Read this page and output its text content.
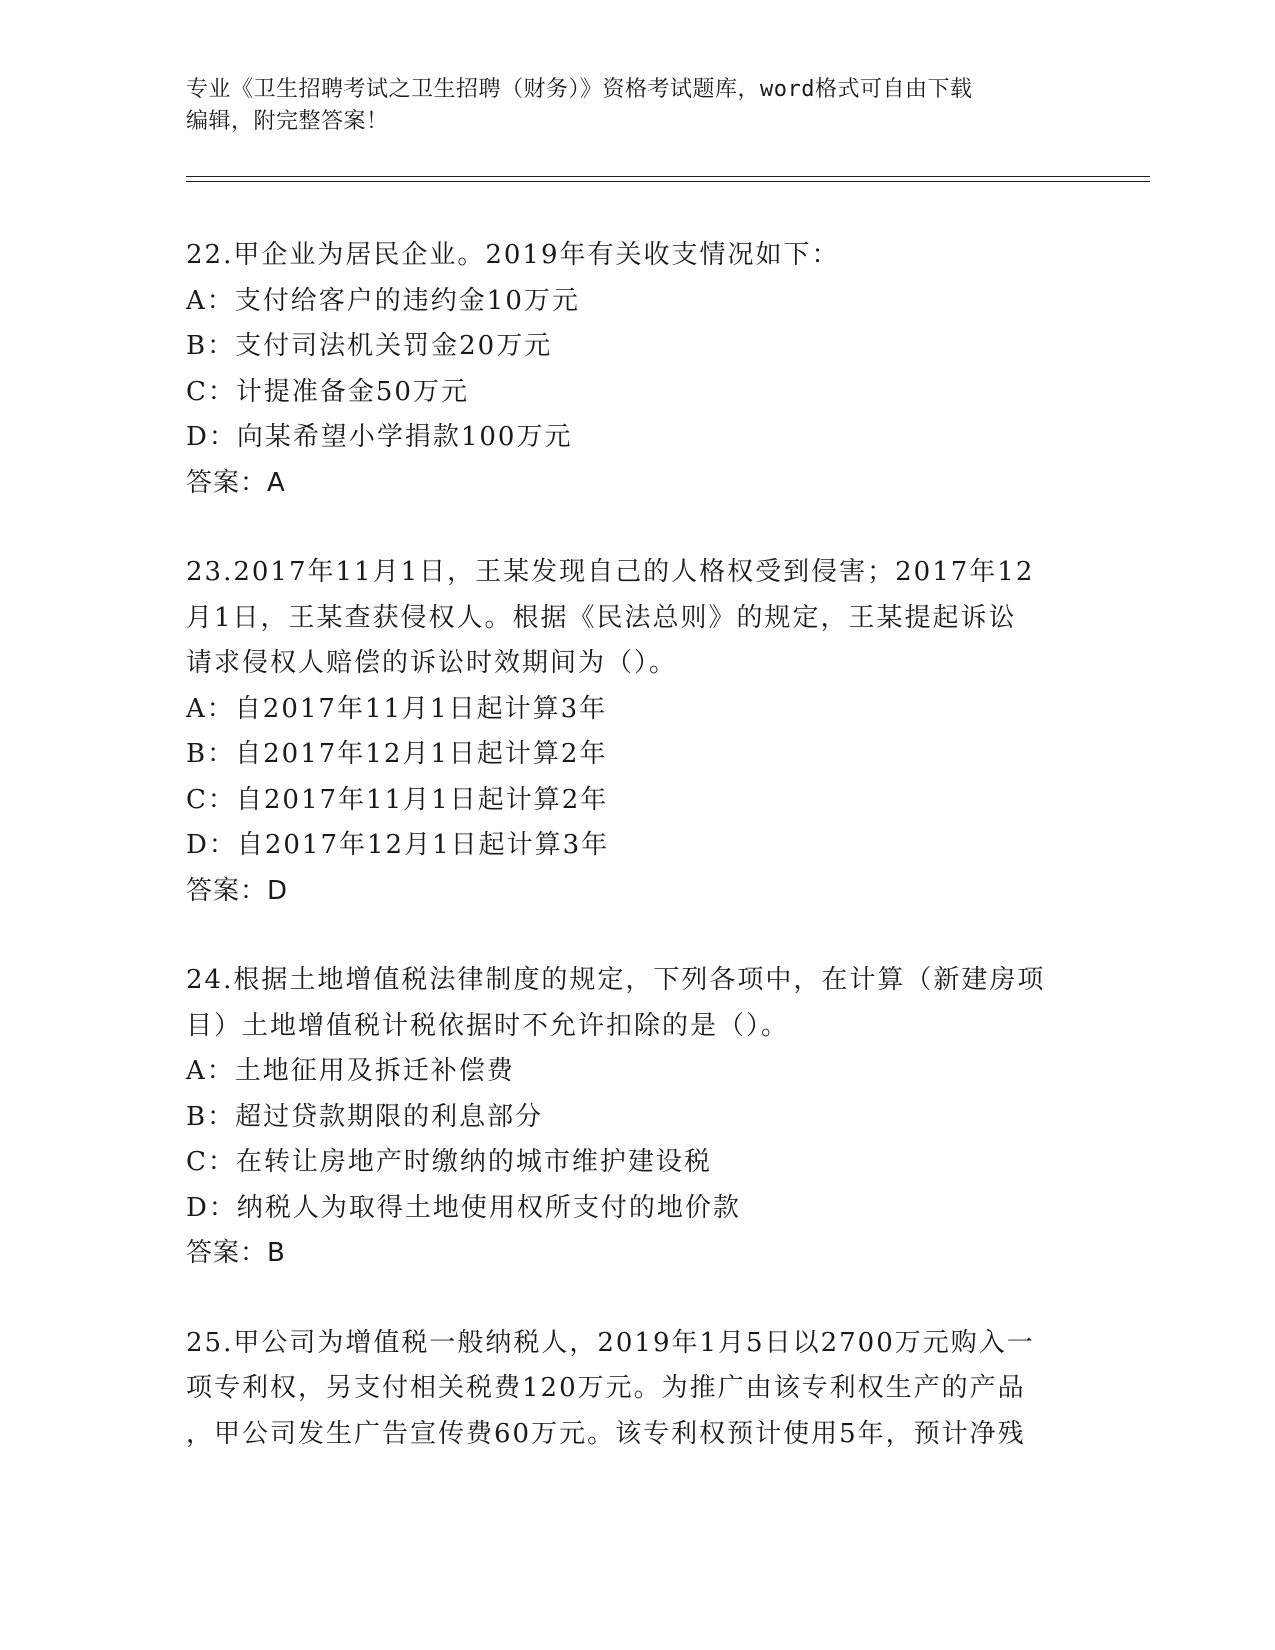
专业《卫生招聘考试之卫生招聘（财务）》资格考试题库，word格式可自由下载
编辑，附完整答案！
22.甲企业为居民企业。2019年有关收支情况如下：
A：支付给客户的违约金10万元
B：支付司法机关罚金20万元
C：计提准备金50万元
D：向某希望小学捐款100万元
答案：A
23.2017年11月1日，王某发现自己的人格权受到侵害；2017年12
月1日，王某查获侵权人。根据《民法总则》的规定，王某提起诉讼
请求侵权人赔偿的诉讼时效期间为（）。
A：自2017年11月1日起计算3年
B：自2017年12月1日起计算2年
C：自2017年11月1日起计算2年
D：自2017年12月1日起计算3年
答案：D
24.根据土地增值税法律制度的规定，下列各项中，在计算（新建房项
目）土地增值税计税依据时不允许扣除的是（）。
A：土地征用及拆迁补偿费
B：超过贷款期限的利息部分
C：在转让房地产时缴纳的城市维护建设税
D：纳税人为取得土地使用权所支付的地价款
答案：B
25.甲公司为增值税一般纳税人，2019年1月5日以2700万元购入一
项专利权，另支付相关税费120万元。为推广由该专利权生产的产品
，甲公司发生广告宣传费60万元。该专利权预计使用5年，预计净残
